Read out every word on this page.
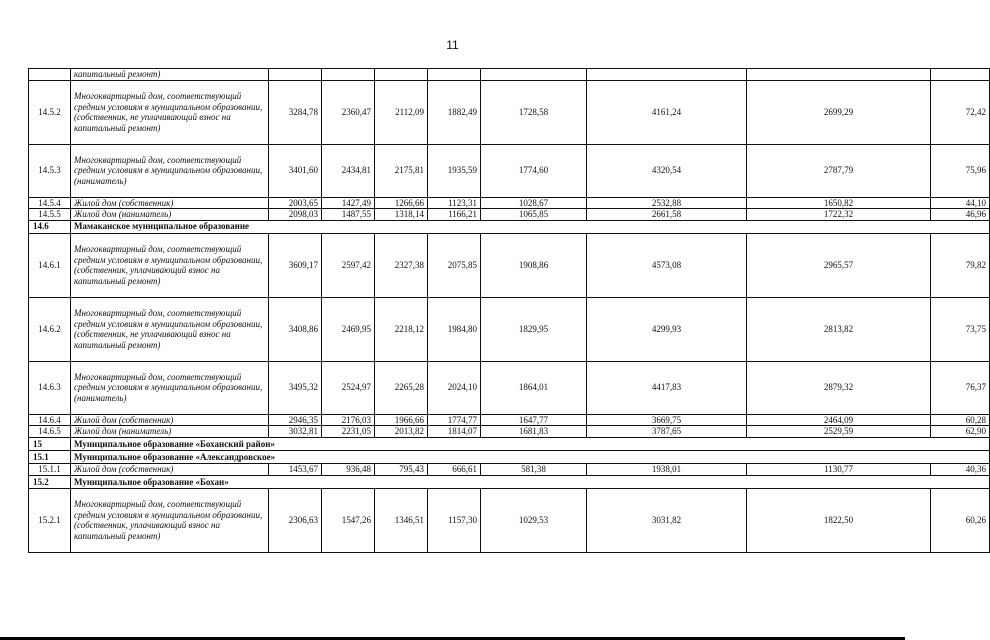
11
	капитальный ремонт)								
14.5.2	Многоквартирный дом, соответствующий средним условиям в муниципальном образовании, (собственник, не уплачивающий взнос на капитальный ремонт)	3284,78	2360,47	2112,09	1882,49	1728,58	4161,24	2699,29	72,42
14.5.3	Многоквартирный дом, соответствующий средним условиям в муниципальном образовании, (наниматель)	3401,60	2434,81	2175,81	1935,59	1774,60	4320,54	2787,79	75,96
14.5.4	Жилой дом (собственник)	2003,65	1427,49	1266,66	1123,31	1028,67	2532,88	1650,82	44,10
14.5.5	Жилой дом (наниматель)	2098,03	1487,55	1318,14	1166,21	1065,85	2661,58	1722,32	46,96
14.6	Мамаканское муниципальное образование								
14.6.1	Многоквартирный дом, соответствующий средним условиям в муниципальном образовании, (собственник, уплачивающий взнос на капитальный ремонт)	3609,17	2597,42	2327,38	2075,85	1908,86	4573,08	2965,57	79,82
14.6.2	Многоквартирный дом, соответствующий средним условиям в муниципальном образовании, (собственник, не уплачивающий взнос на капитальный ремонт)	3408,86	2469,95	2218,12	1984,80	1829,95	4299,93	2813,82	73,75
14.6.3	Многоквартирный дом, соответствующий средним условиям в муниципальном образовании, (наниматель)	3495,32	2524,97	2265,28	2024,10	1864,01	4417,83	2879,32	76,37
14.6.4	Жилой дом (собственник)	2946,35	2176,03	1966,66	1774,77	1647,77	3669,75	2464,09	60,28
14.6.5	Жилой дом (наниматель)	3032,81	2231,05	2013,82	1814,07	1681,83	3787,65	2529,59	62,90
15	Муниципальное образование «Боханский район»								
15.1	Муниципальное образование «Александровское»								
15.1.1	Жилой дом (собственник)	1453,67	936,48	795,43	666,61	581,38	1938,01	1130,77	40,36
15.2	Муниципальное образование «Бохан»								
15.2.1	Многоквартирный дом, соответствующий средним условиям в муниципальном образовании, (собственник, уплачивающий взнос на капитальный ремонт)	2306,63	1547,26	1346,51	1157,30	1029,53	3031,82	1822,50	60,26
